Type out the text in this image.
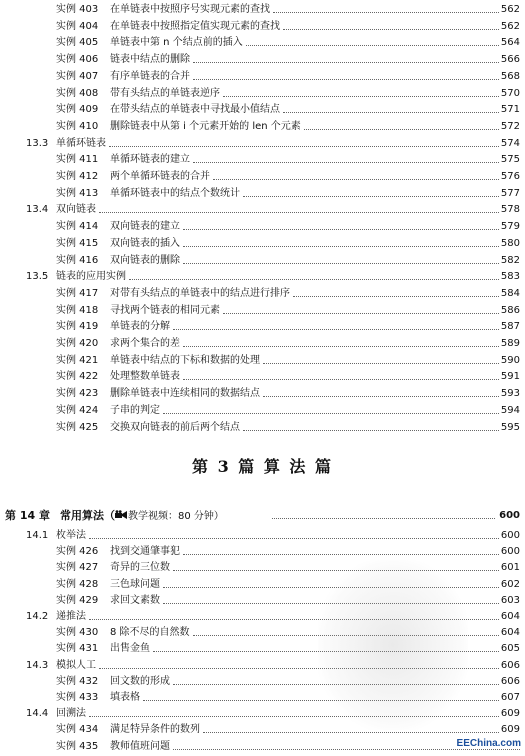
实例 403 在单链表中按照序号实现元素的查找	562
实例 404 在单链表中按照指定值实现元素的查找	562
实例 405 单链表中第 n 个结点前的插入	564
实例 406 链表中结点的删除	566
实例 407 有序单链表的合并	568
实例 408 带有头结点的单链表逆序	570
实例 409 在带头结点的单链表中寻找最小值结点	571
实例 410 删除链表中从第 i 个元素开始的 len 个元素	572
13.3 单循环链表	574
实例 411 单循环链表的建立	575
实例 412 两个单循环链表的合并	576
实例 413 单循环链表中的结点个数统计	577
13.4 双向链表	578
实例 414 双向链表的建立	579
实例 415 双向链表的插入	580
实例 416 双向链表的删除	582
13.5 链表的应用实例	583
实例 417 对带有头结点的单链表中的结点进行排序	584
实例 418 寻找两个链表的相同元素	586
实例 419 单链表的分解	587
实例 420 求两个集合的差	589
实例 421 单链表中结点的下标和数据的处理	590
实例 422 处理整数单链表	591
实例 423 删除单链表中连续相同的数据结点	593
实例 424 子串的判定	594
实例 425 交换双向链表的前后两个结点	595
第 3 篇 算 法 篇
第 14 章 常用算法（ 教学视频：80 分钟）	600
14.1 枚举法	600
实例 426 找到交通肇事犯	600
实例 427 奇异的三位数	601
实例 428 三色球问题	602
实例 429 求回文素数	603
14.2 递推法	604
实例 430 8 除不尽的自然数	604
实例 431 出售金鱼	605
14.3 模拟人工	606
实例 432 回文数的形成	606
实例 433 填表格	607
14.4 回溯法	609
实例 434 满足特异条件的数列	609
实例 435 教师值班问题	EEChina.com
